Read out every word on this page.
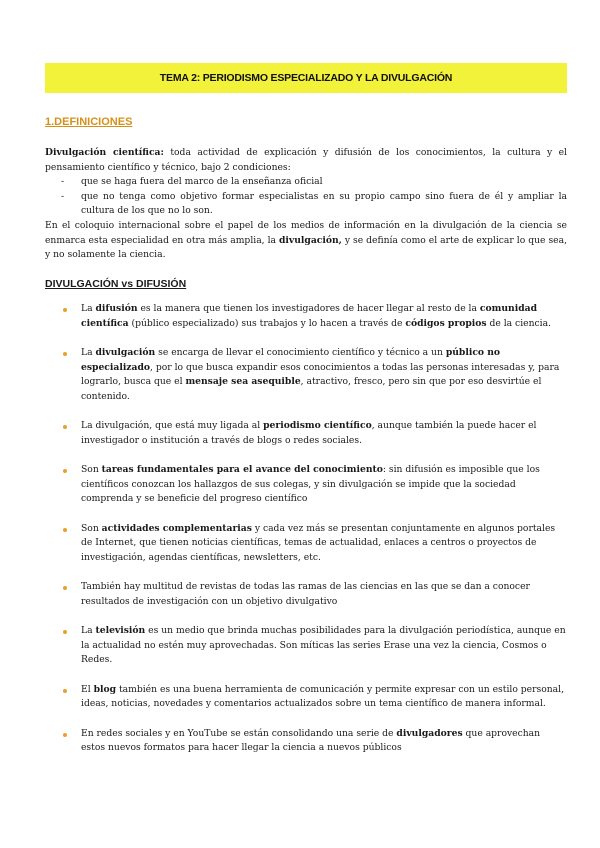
TEMA 2: PERIODISMO ESPECIALIZADO Y LA DIVULGACIÓN
1.DEFINICIONES
Divulgación científica: toda actividad de explicación y difusión de los conocimientos, la cultura y el pensamiento científico y técnico, bajo 2 condiciones:
- que se haga fuera del marco de la enseñanza oficial
- que no tenga como objetivo formar especialistas en su propio campo sino fuera de él y ampliar la cultura de los que no lo son.
En el coloquio internacional sobre el papel de los medios de información en la divulgación de la ciencia se enmarca esta especialidad en otra más amplia, la divulgación, y se definía como el arte de explicar lo que sea, y no solamente la ciencia.
DIVULGACIÓN vs DIFUSIÓN
La difusión es la manera que tienen los investigadores de hacer llegar al resto de la comunidad científica (público especializado) sus trabajos y lo hacen a través de códigos propios de la ciencia.
La divulgación se encarga de llevar el conocimiento científico y técnico a un público no especializado, por lo que busca expandir esos conocimientos a todas las personas interesadas y, para lograrlo, busca que el mensaje sea asequible, atractivo, fresco, pero sin que por eso desvirtúe el contenido.
La divulgación, que está muy ligada al periodismo científico, aunque también la puede hacer el investigador o institución a través de blogs o redes sociales.
Son tareas fundamentales para el avance del conocimiento: sin difusión es imposible que los científicos conozcan los hallazgos de sus colegas, y sin divulgación se impide que la sociedad comprenda y se beneficie del progreso científico
Son actividades complementarias y cada vez más se presentan conjuntamente en algunos portales de Internet, que tienen noticias científicas, temas de actualidad, enlaces a centros o proyectos de investigación, agendas científicas, newsletters, etc.
También hay multitud de revistas de todas las ramas de las ciencias en las que se dan a conocer resultados de investigación con un objetivo divulgativo
La televisión es un medio que brinda muchas posibilidades para la divulgación periodística, aunque en la actualidad no estén muy aprovechadas. Son míticas las series Erase una vez la ciencia, Cosmos o Redes.
El blog también es una buena herramienta de comunicación y permite expresar con un estilo personal, ideas, noticias, novedades y comentarios actualizados sobre un tema científico de manera informal.
En redes sociales y en YouTube se están consolidando una serie de divulgadores que aprovechan estos nuevos formatos para hacer llegar la ciencia a nuevos públicos
